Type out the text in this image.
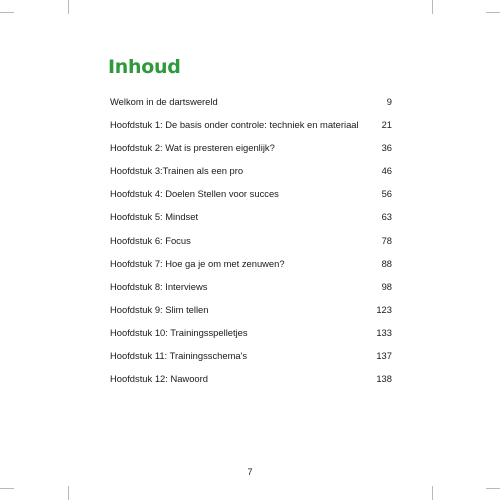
Inhoud
Welkom in de dartswereld	9
Hoofdstuk 1: De basis onder controle: techniek en materiaal 21
Hoofdstuk 2: Wat is presteren eigenlijk?	36
Hoofdstuk 3:Trainen als een pro	46
Hoofdstuk 4: Doelen Stellen voor succes	56
Hoofdstuk 5: Mindset	63
Hoofdstuk 6: Focus	78
Hoofdstuk 7: Hoe ga je om met zenuwen?	88
Hoofdstuk 8: Interviews	98
Hoofdstuk 9: Slim tellen	123
Hoofdstuk 10: Trainingsspelletjes	133
Hoofdstuk 11: Trainingsschema's	137
Hoofdstuk 12: Nawoord	138
7
